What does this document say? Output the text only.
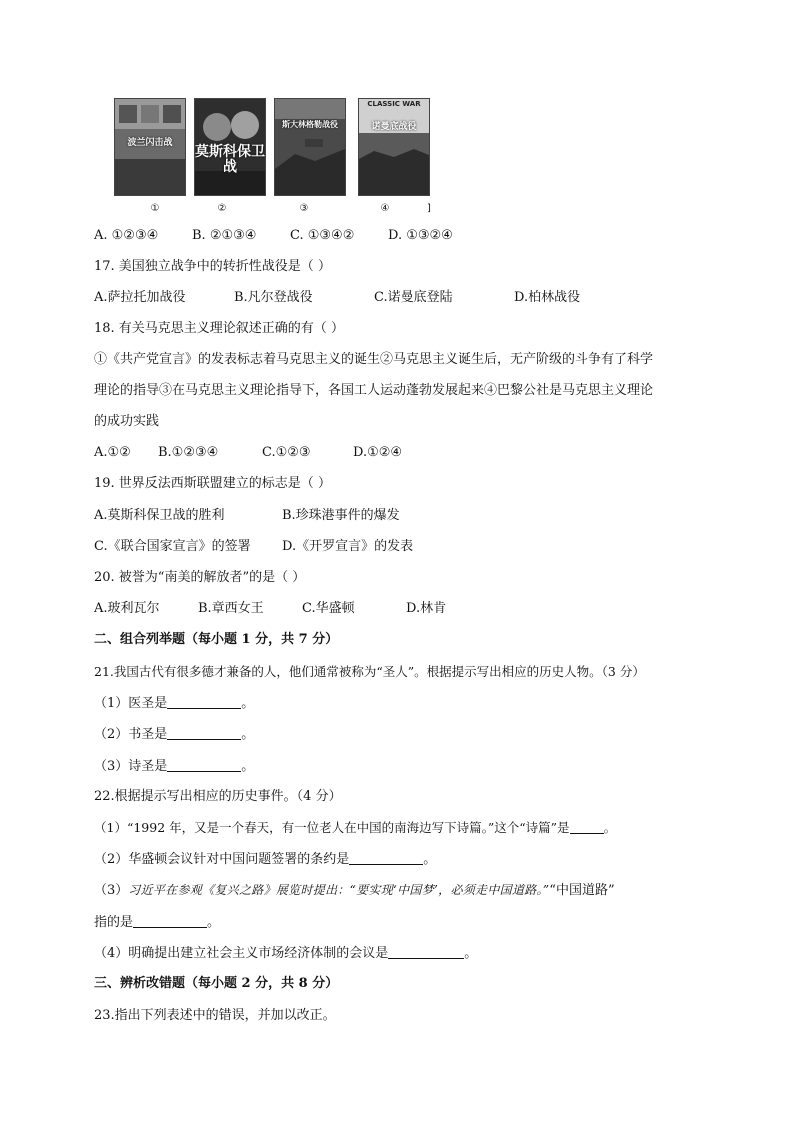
波兰闪击战
莫斯科保卫战
斯大林格勒战役
CLASSIC WAR
诺曼底战役
①	②	③	④	]
A. ①②③④	B. ②①③④	C. ①③④②	D. ①③②④
17. 美国独立战争中的转折性战役是（ ）
A.萨拉托加战役	B.凡尔登战役	C.诺曼底登陆	D.柏林战役
18. 有关马克思主义理论叙述正确的有（ ）
①《共产党宣言》的发表标志着马克思主义的诞生②马克思主义诞生后，无产阶级的斗争有了科学
理论的指导③在马克思主义理论指导下，各国工人运动蓬勃发展起来④巴黎公社是马克思主义理论
的成功实践
A.①② B.①②③④	C.①②③	D.①②④
19. 世界反法西斯联盟建立的标志是（ ）
A.莫斯科保卫战的胜利	B.珍珠港事件的爆发
C.《联合国家宣言》的签署 D.《开罗宣言》的发表
20. 被誉为“南美的解放者”的是（ ）
A.玻利瓦尔	B.章西女王	C.华盛顿	D.林肯
二、组合列举题（每小题 1 分，共 7 分）
21.我国古代有很多德才兼备的人，他们通常被称为“圣人”。根据提示写出相应的历史人物。（3 分）
（1）医圣是	。
（2）书圣是	。
（3）诗圣是	。
22.根据提示写出相应的历史事件。（4 分）
（1）“1992 年，又是一个春天，有一位老人在中国的南海边写下诗篇。”这个“诗篇”是	。
（2）华盛顿会议针对中国问题签署的条约是	。
（3）习近平在参观《复兴之路》展览时提出：“要实现‘中国梦’，必须走中国道路。”“中国道路”
指的是	。
（4）明确提出建立社会主义市场经济体制的会议是	。
三、辨析改错题（每小题 2 分，共 8 分）
23.指出下列表述中的错误，并加以改正。
